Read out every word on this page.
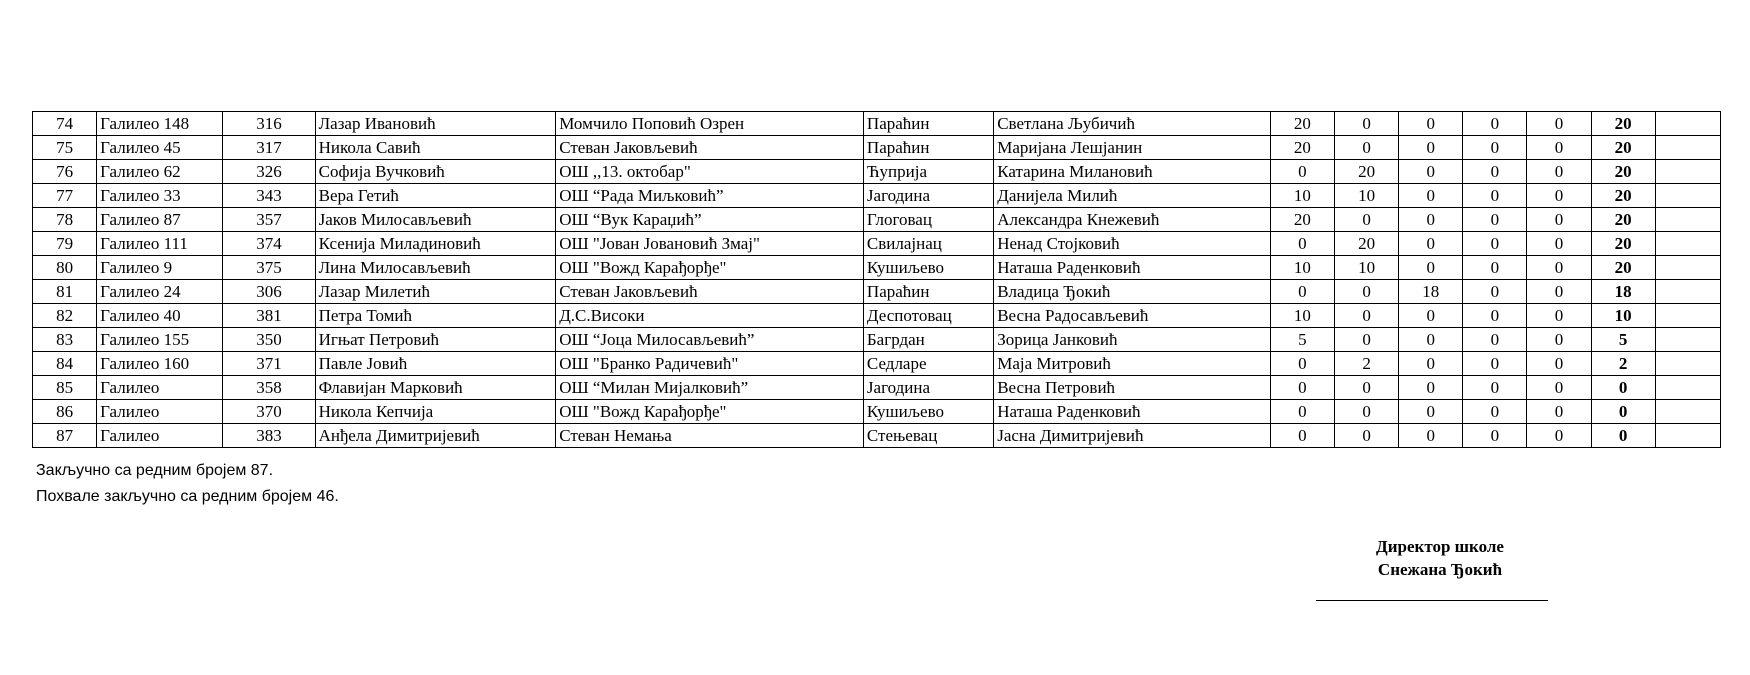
74	Галилео 148	316	Лазар Ивановић	Момчило Поповић Озрен	Параћин	Светлана Љубичић	20	0	0	0	0	20	
75	Галилео 45	317	Никола Савић	Стеван Јаковљевић	Параћин	Маријана Лешјанин	20	0	0	0	0	20	
76	Галилео 62	326	Софија Вучковић	ОШ ,,13. октобар"	Ћуприја	Катарина Милановић	0	20	0	0	0	20	
77	Галилео 33	343	Вера Гетић	ОШ “Рада Миљковић”	Јагодина	Данијела Милић	10	10	0	0	0	20	
78	Галилео 87	357	Јаков Милосављевић	ОШ “Вук Караџић”	Глоговац	Александра Кнежевић	20	0	0	0	0	20	
79	Галилео 111	374	Ксенија Миладиновић	ОШ "Јован Јовановић Змај"	Свилајнац	Ненад Стојковић	0	20	0	0	0	20	
80	Галилео 9	375	Лина Милосављевић	ОШ "Вожд Карађорђе"	Кушиљево	Наташа Раденковић	10	10	0	0	0	20	
81	Галилео 24	306	Лазар Милетић	Стеван Јаковљевић	Параћин	Владица Ђокић	0	0	18	0	0	18	
82	Галилео 40	381	Петра Томић	Д.С.Високи	Деспотовац	Весна Радосављевић	10	0	0	0	0	10	
83	Галилео 155	350	Игњат Петровић	ОШ “Јоца Милосављевић”	Багрдан	Зорица Јанковић	5	0	0	0	0	5	
84	Галилео 160	371	Павле Јовић	ОШ "Бранко Радичевић"	Седларе	Маја Митровић	0	2	0	0	0	2	
85	Галилео	358	Флавијан Марковић	ОШ “Милан Мијалковић”	Јагодина	Весна Петровић	0	0	0	0	0	0	
86	Галилео	370	Никола Кепчија	ОШ "Вожд Карађорђе"	Кушиљево	Наташа Раденковић	0	0	0	0	0	0	
87	Галилео	383	Анђела Димитријевић	Стеван Немања	Стењевац	Јасна Димитријевић	0	0	0	0	0	0	
Закључно са редним бројем 87.
Похвале закључно са редним бројем 46.
Директор школе
Снежана Ђокић
